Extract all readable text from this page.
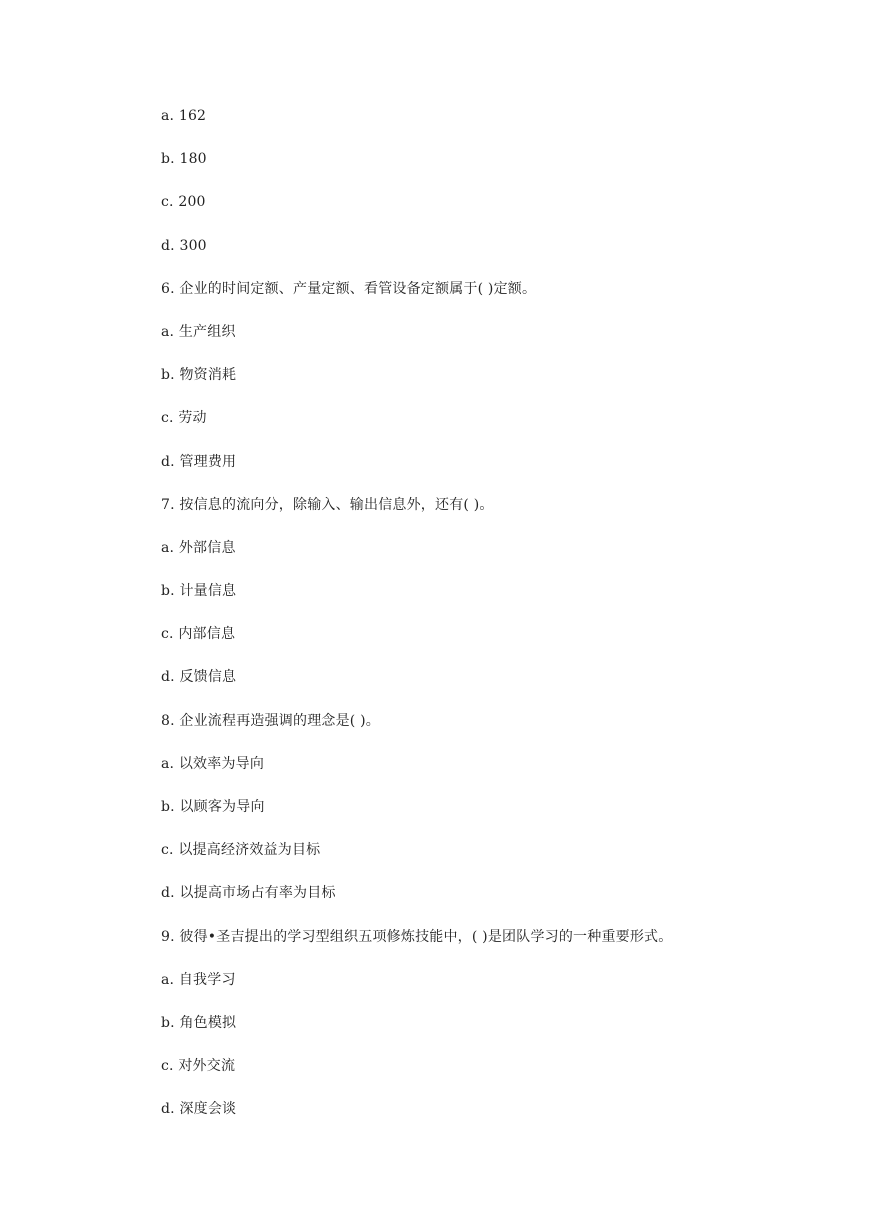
a. 162
b. 180
c. 200
d. 300
6. 企业的时间定额、产量定额、看管设备定额属于( )定额。
a. 生产组织
b. 物资消耗
c. 劳动
d. 管理费用
7. 按信息的流向分，除输入、输出信息外，还有( )。
a. 外部信息
b. 计量信息
c. 内部信息
d. 反馈信息
8. 企业流程再造强调的理念是( )。
a. 以效率为导向
b. 以顾客为导向
c. 以提高经济效益为目标
d. 以提高市场占有率为目标
9. 彼得•圣吉提出的学习型组织五项修炼技能中，( )是团队学习的一种重要形式。
a. 自我学习
b. 角色模拟
c. 对外交流
d. 深度会谈
